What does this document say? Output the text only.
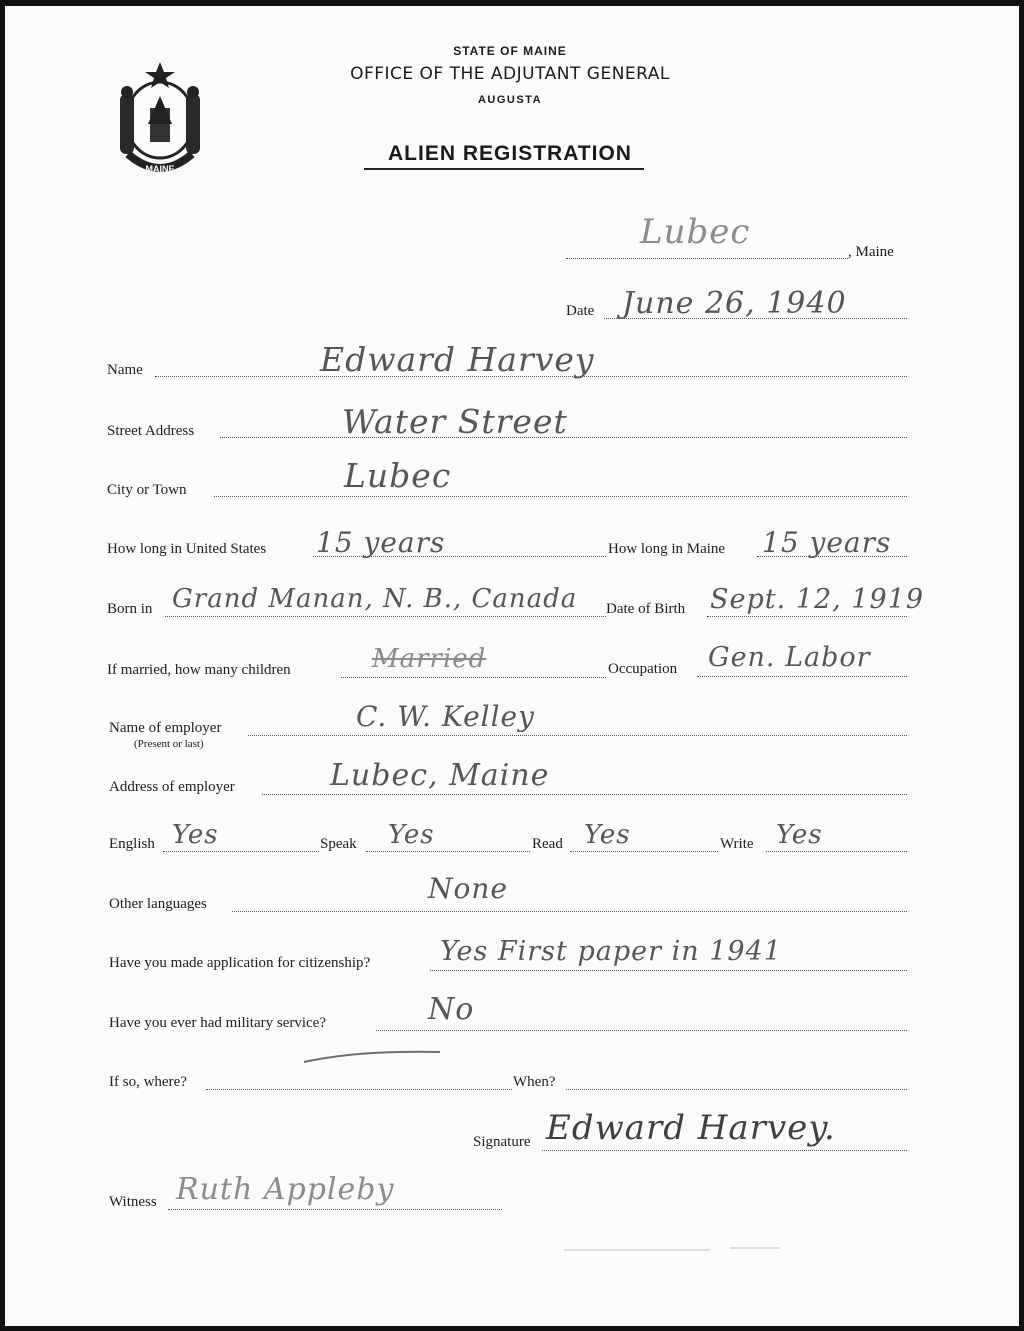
MAINE
STATE OF MAINE
OFFICE OF THE ADJUTANT GENERAL
AUGUSTA
ALIEN REGISTRATION
Lubec	, Maine
Date June 26, 1940
Name	Edward Harvey
Street Address	Water Street
City or Town	Lubec
How long in United States 15 years	How long in Maine 15 years
Born in Grand Manan, N. B., Canada Date of Birth Sept. 12, 1919
If married, how many children	Married	Occupation Gen. Labor
Name of employer
(Present or last)
C. W. Kelley
Address of employer	Lubec, Maine
English Yes	Speak Yes	Read Yes	Write Yes
Other languages	None
Have you made application for citizenship?	Yes First paper in 1941
Have you ever had military service?	No
If so, where?	When?
Signature Edward Harvey.
Witness Ruth Appleby
